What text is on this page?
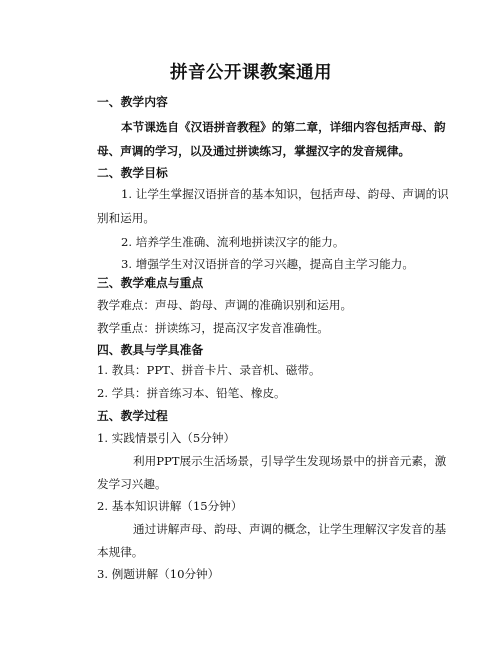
拼音公开课教案通用
一、教学内容
本节课选自《汉语拼音教程》的第二章，详细内容包括声母、韵
母、声调的学习，以及通过拼读练习，掌握汉字的发音规律。
二、教学目标
1. 让学生掌握汉语拼音的基本知识，包括声母、韵母、声调的识
别和运用。
2. 培养学生准确、流利地拼读汉字的能力。
3. 增强学生对汉语拼音的学习兴趣，提高自主学习能力。
三、教学难点与重点
教学难点：声母、韵母、声调的准确识别和运用。
教学重点：拼读练习，提高汉字发音准确性。
四、教具与学具准备
1. 教具：PPT、拼音卡片、录音机、磁带。
2. 学具：拼音练习本、铅笔、橡皮。
五、教学过程
1. 实践情景引入（5分钟）
利用PPT展示生活场景，引导学生发现场景中的拼音元素，激
发学习兴趣。
2. 基本知识讲解（15分钟）
通过讲解声母、韵母、声调的概念，让学生理解汉字发音的基
本规律。
3. 例题讲解（10分钟）
